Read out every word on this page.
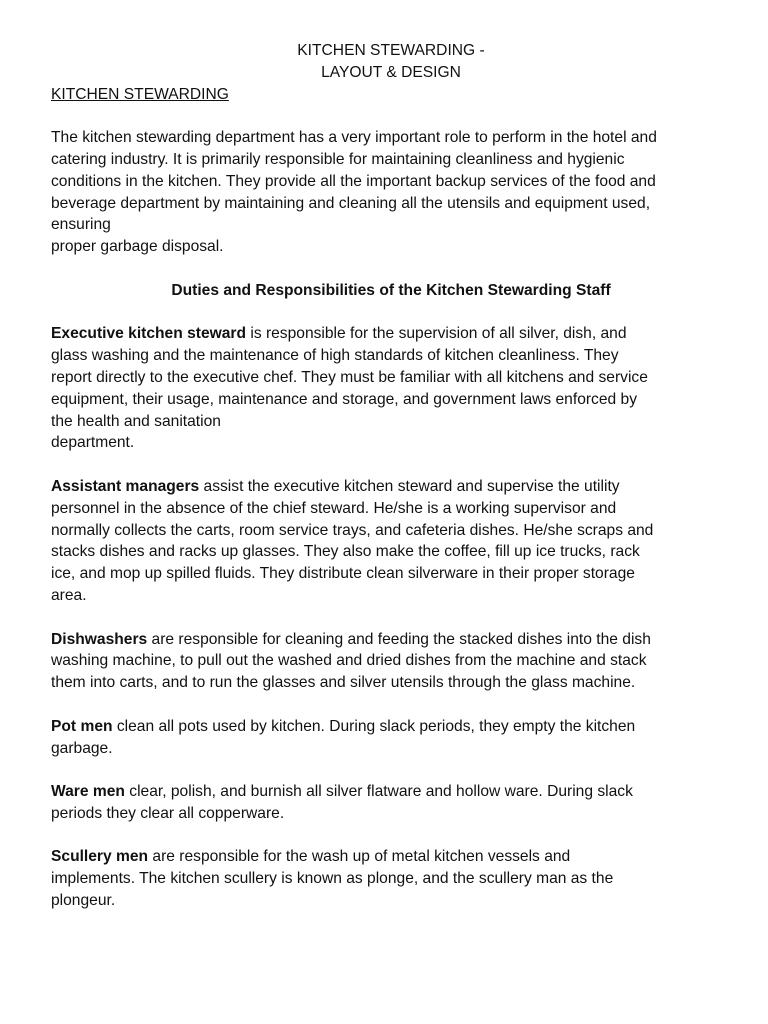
KITCHEN STEWARDING -
LAYOUT & DESIGN
KITCHEN STEWARDING

The kitchen stewarding department has a very important role to perform in the hotel and
catering industry. It is primarily responsible for maintaining cleanliness and hygienic
conditions in the kitchen. They provide all the important backup services of the food and
beverage department by maintaining and cleaning all the utensils and equipment used,
ensuring
proper garbage disposal.

Duties and Responsibilities of the Kitchen Stewarding Staff

Executive kitchen steward is responsible for the supervision of all silver, dish, and
glass washing and the maintenance of high standards of kitchen cleanliness. They
report directly to the executive chef. They must be familiar with all kitchens and service
equipment, their usage, maintenance and storage, and government laws enforced by
the health and sanitation
department.

Assistant managers assist the executive kitchen steward and supervise the utility
personnel in the absence of the chief steward. He/she is a working supervisor and
normally collects the carts, room service trays, and cafeteria dishes. He/she scraps and
stacks dishes and racks up glasses. They also make the coffee, fill up ice trucks, rack
ice, and mop up spilled fluids. They distribute clean silverware in their proper storage
area.

Dishwashers are responsible for cleaning and feeding the stacked dishes into the dish
washing machine, to pull out the washed and dried dishes from the machine and stack
them into carts, and to run the glasses and silver utensils through the glass machine.

Pot men clean all pots used by kitchen. During slack periods, they empty the kitchen
garbage.

Ware men clear, polish, and burnish all silver flatware and hollow ware. During slack
periods they clear all copperware.

Scullery men are responsible for the wash up of metal kitchen vessels and
implements. The kitchen scullery is known as plonge, and the scullery man as the
plongeur.
